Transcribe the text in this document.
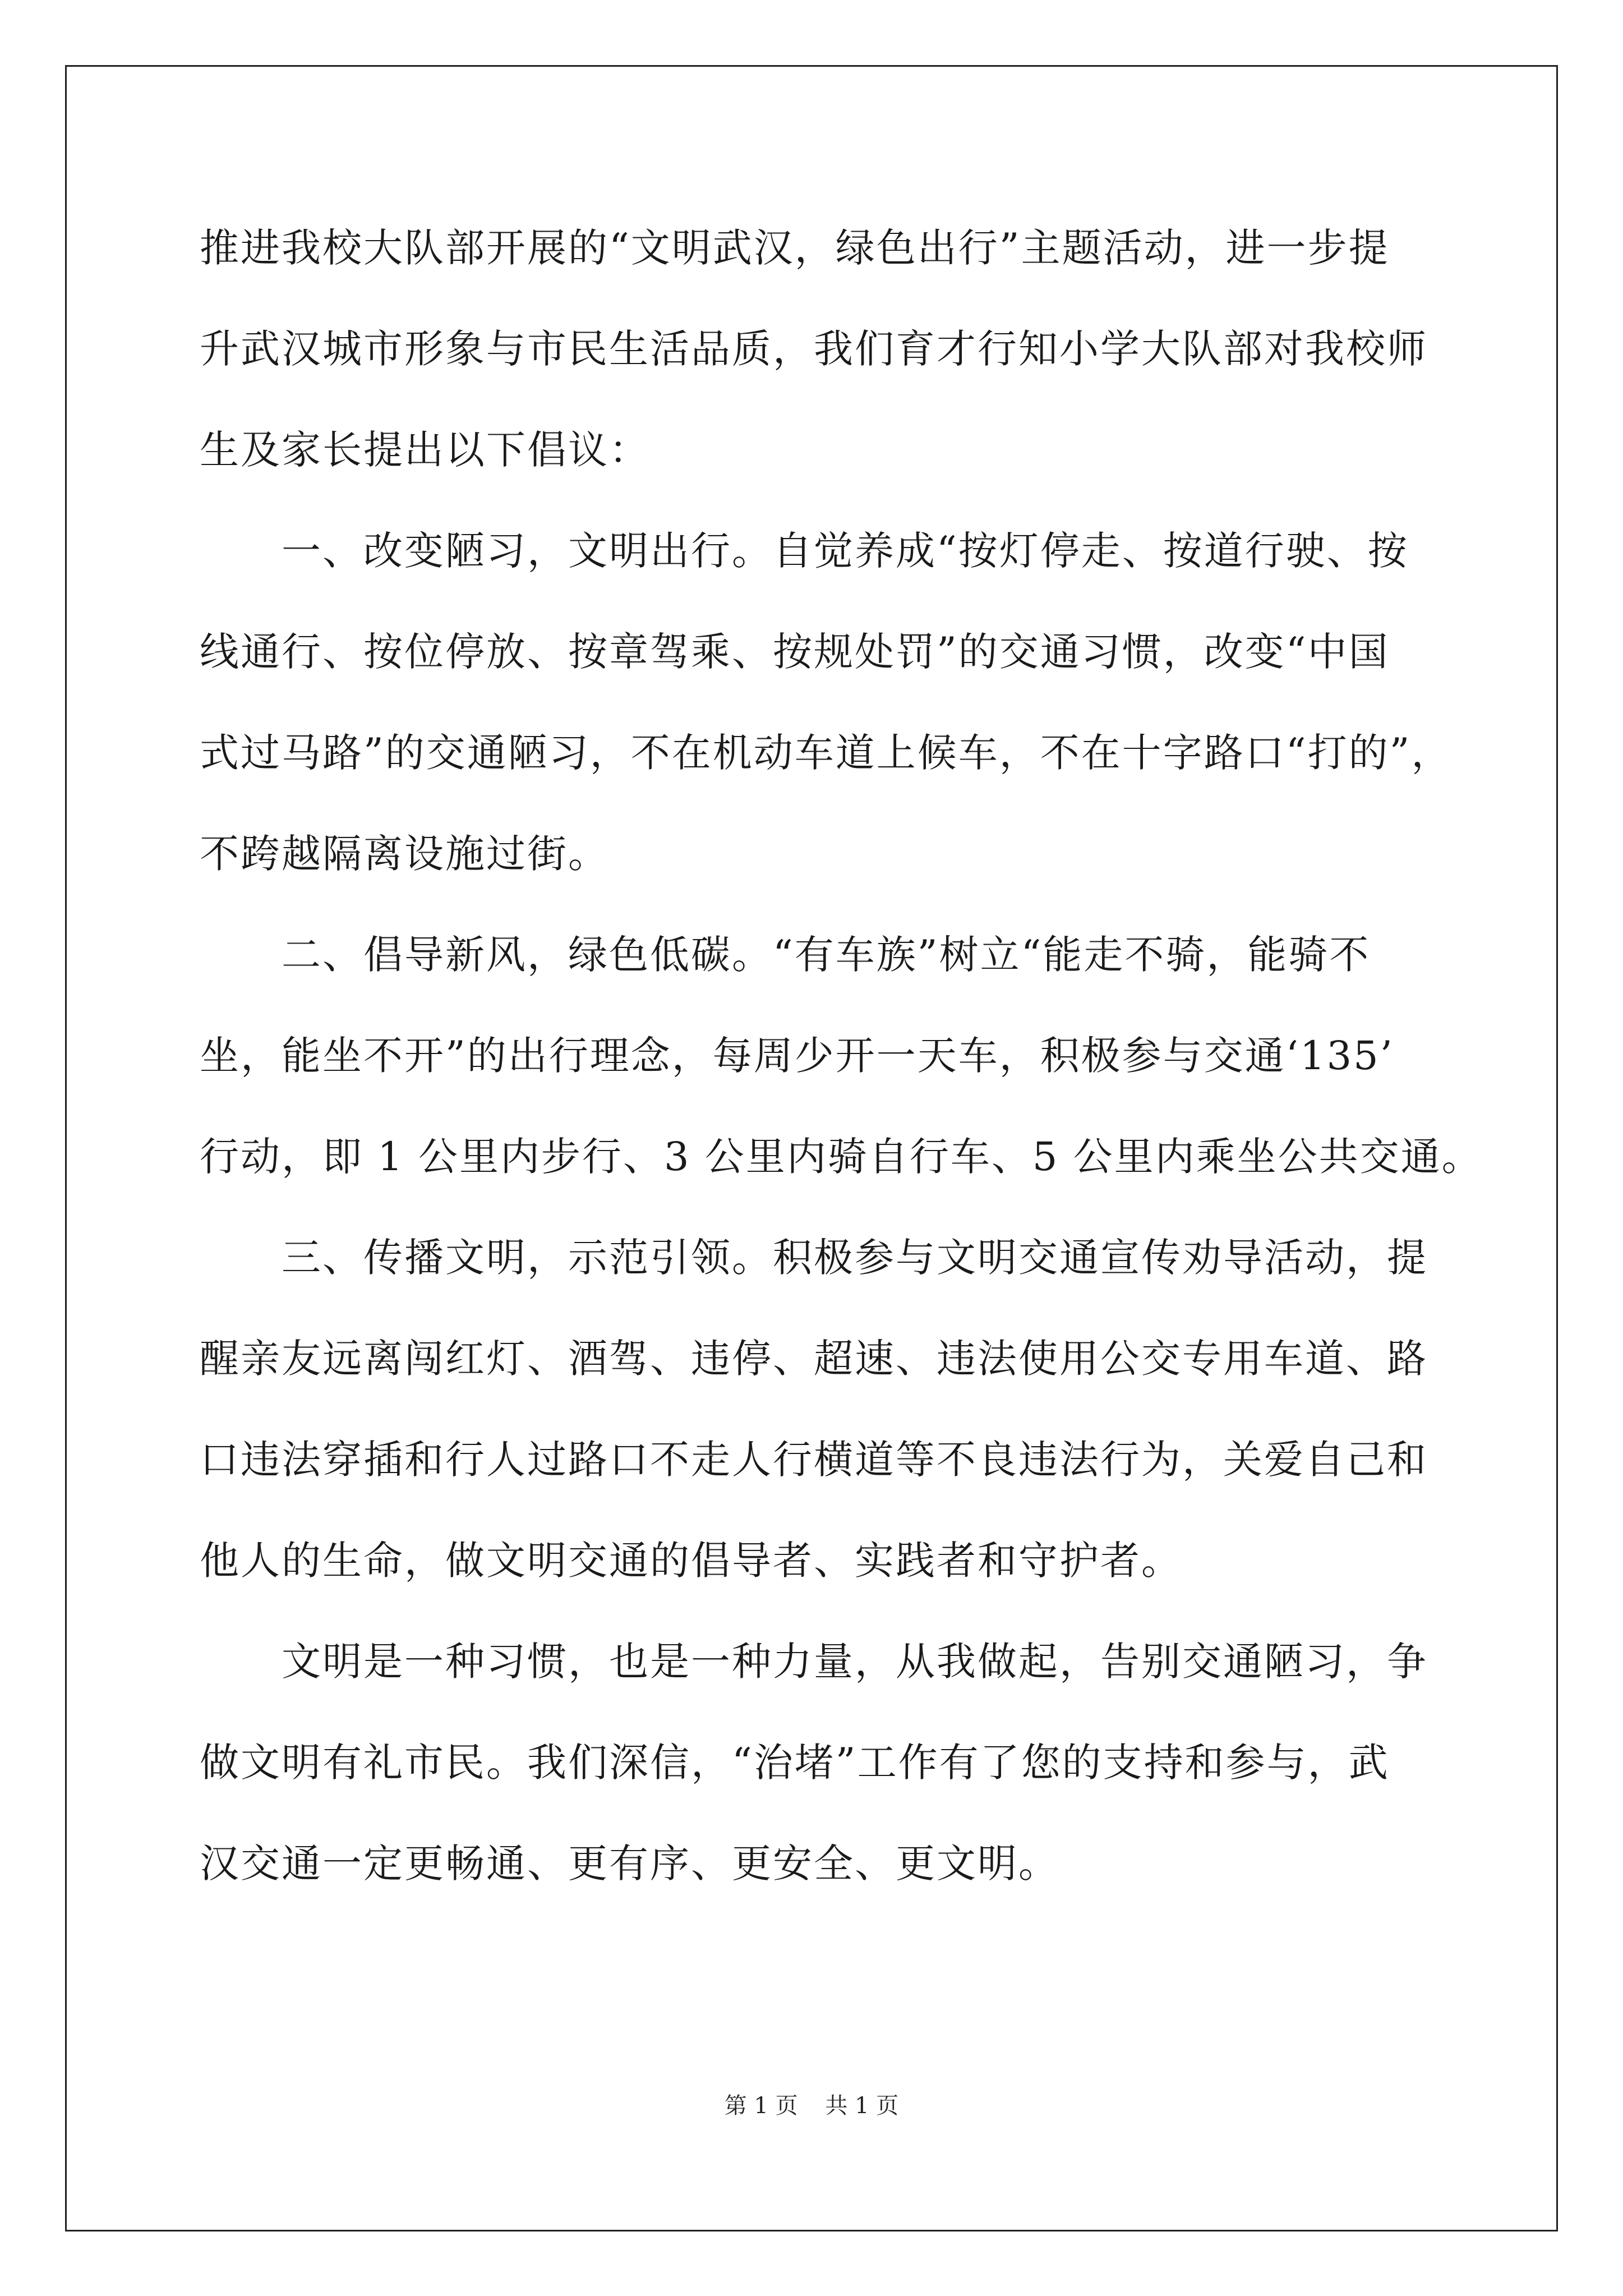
推进我校大队部开展的“文明武汉，绿色出行”主题活动，进一步提
升武汉城市形象与市民生活品质，我们育才行知小学大队部对我校师
生及家长提出以下倡议：
　　一、改变陋习，文明出行。自觉养成“按灯停走、按道行驶、按
线通行、按位停放、按章驾乘、按规处罚”的交通习惯，改变“中国
式过马路”的交通陋习，不在机动车道上候车，不在十字路口“打的”，
不跨越隔离设施过街。
　　二、倡导新风，绿色低碳。“有车族”树立“能走不骑，能骑不
坐，能坐不开”的出行理念，每周少开一天车，积极参与交通‘135’
行动，即 1 公里内步行、3 公里内骑自行车、5 公里内乘坐公共交通。
　　三、传播文明，示范引领。积极参与文明交通宣传劝导活动，提
醒亲友远离闯红灯、酒驾、违停、超速、违法使用公交专用车道、路
口违法穿插和行人过路口不走人行横道等不良违法行为，关爱自己和
他人的生命，做文明交通的倡导者、实践者和守护者。
　　文明是一种习惯，也是一种力量，从我做起，告别交通陋习，争
做文明有礼市民。我们深信，“治堵”工作有了您的支持和参与，武
汉交通一定更畅通、更有序、更安全、更文明。
第 1 页 共 1 页
